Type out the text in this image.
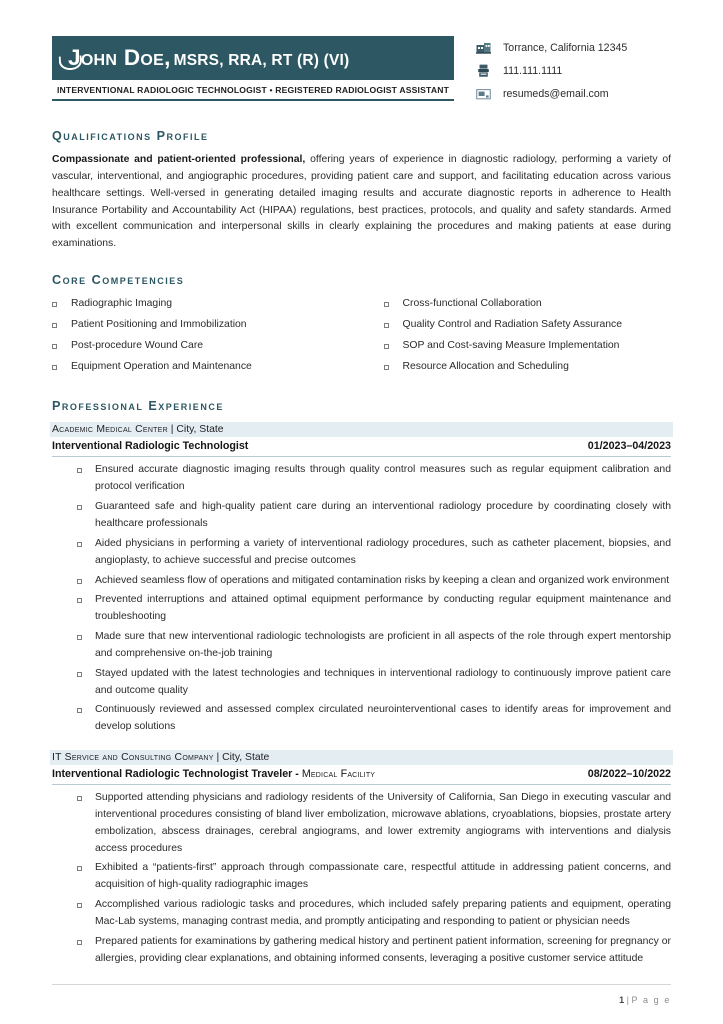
John Doe, MSRS, RRA, RT (R) (VI)
INTERVENTIONAL RADIOLOGIC TECHNOLOGIST • REGISTERED RADIOLOGIST ASSISTANT
Torrance, California 12345
111.111.1111
resumeds@email.com
Qualifications Profile
Compassionate and patient-oriented professional, offering years of experience in diagnostic radiology, performing a variety of vascular, interventional, and angiographic procedures, providing patient care and support, and facilitating education across various healthcare settings. Well-versed in generating detailed imaging results and accurate diagnostic reports in adherence to Health Insurance Portability and Accountability Act (HIPAA) regulations, best practices, protocols, and quality and safety standards. Armed with excellent communication and interpersonal skills in clearly explaining the procedures and making patients at ease during examinations.
Core Competencies
Radiographic Imaging
Patient Positioning and Immobilization
Post-procedure Wound Care
Equipment Operation and Maintenance
Cross-functional Collaboration
Quality Control and Radiation Safety Assurance
SOP and Cost-saving Measure Implementation
Resource Allocation and Scheduling
Professional Experience
Academic Medical Center | City, State
Interventional Radiologic Technologist	01/2023–04/2023
Ensured accurate diagnostic imaging results through quality control measures such as regular equipment calibration and protocol verification
Guaranteed safe and high-quality patient care during an interventional radiology procedure by coordinating closely with healthcare professionals
Aided physicians in performing a variety of interventional radiology procedures, such as catheter placement, biopsies, and angioplasty, to achieve successful and precise outcomes
Achieved seamless flow of operations and mitigated contamination risks by keeping a clean and organized work environment
Prevented interruptions and attained optimal equipment performance by conducting regular equipment maintenance and troubleshooting
Made sure that new interventional radiologic technologists are proficient in all aspects of the role through expert mentorship and comprehensive on-the-job training
Stayed updated with the latest technologies and techniques in interventional radiology to continuously improve patient care and outcome quality
Continuously reviewed and assessed complex circulated neurointerventional cases to identify areas for improvement and develop solutions
IT Service and Consulting Company | City, State
Interventional Radiologic Technologist Traveler - Medical Facility	08/2022–10/2022
Supported attending physicians and radiology residents of the University of California, San Diego in executing vascular and interventional procedures consisting of bland liver embolization, microwave ablations, cryoablations, biopsies, prostate artery embolization, abscess drainages, cerebral angiograms, and lower extremity angiograms with interventions and dialysis access procedures
Exhibited a “patients-first” approach through compassionate care, respectful attitude in addressing patient concerns, and acquisition of high-quality radiographic images
Accomplished various radiologic tasks and procedures, which included safely preparing patients and equipment, operating Mac-Lab systems, managing contrast media, and promptly anticipating and responding to patient or physician needs
Prepared patients for examinations by gathering medical history and pertinent patient information, screening for pregnancy or allergies, providing clear explanations, and obtaining informed consents, leveraging a positive customer service attitude
1 | P a g e
